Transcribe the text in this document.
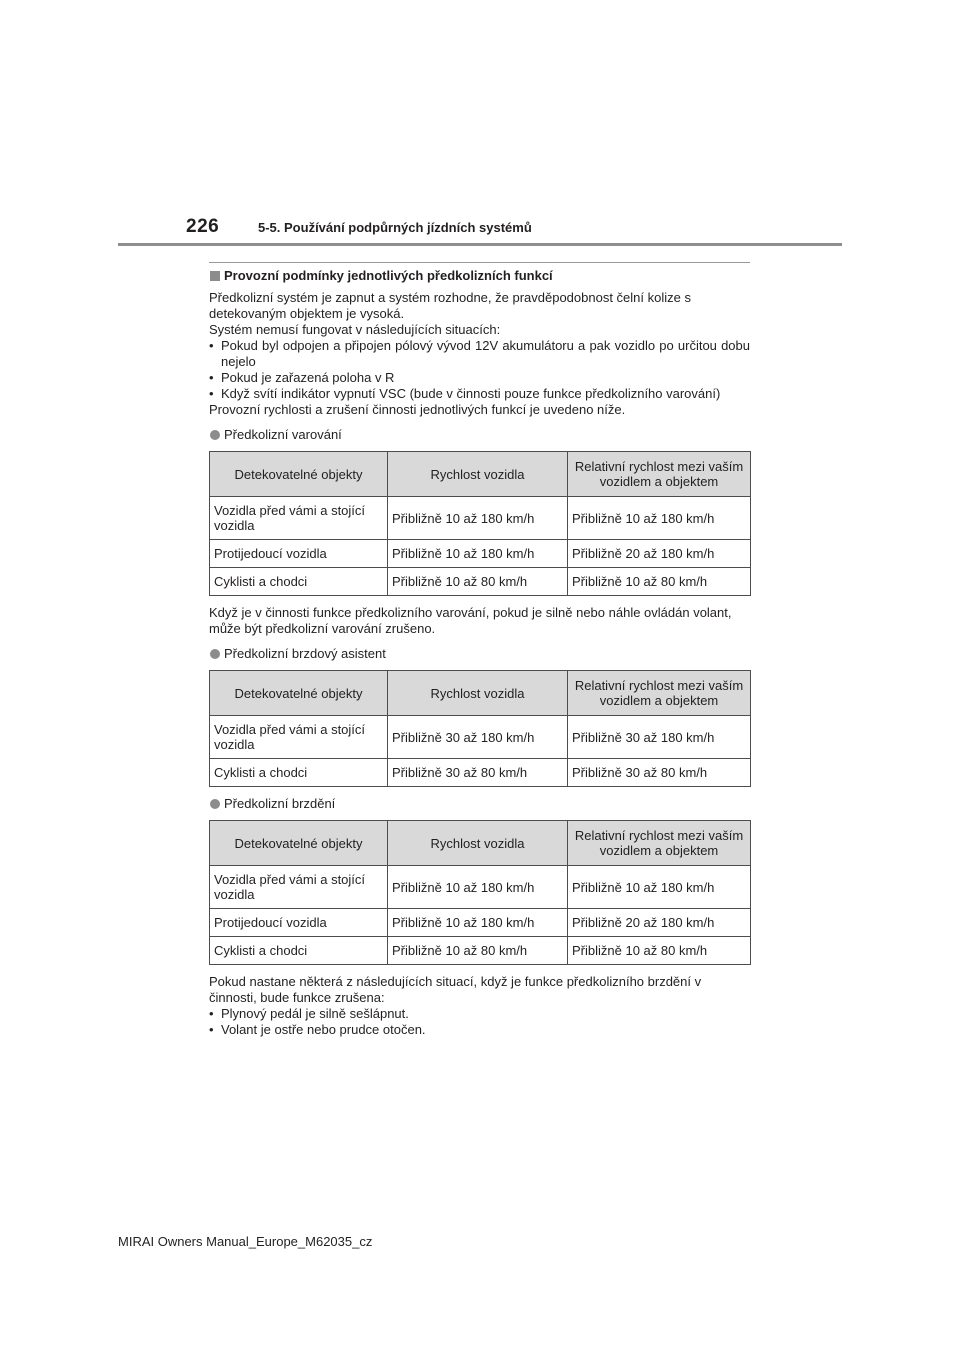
226	5-5. Používání podpůrných jízdních systémů
Provozní podmínky jednotlivých předkolizních funkcí

Předkolizní systém je zapnut a systém rozhodne, že pravděpodobnost čelní kolize s detekovaným objektem je vysoká.

Systém nemusí fungovat v následujících situacích:

• Pokud byl odpojen a připojen pólový vývod 12V akumulátoru a pak vozidlo po určitou dobu nejelo
• Pokud je zařazená poloha v R
• Když svítí indikátor vypnutí VSC (bude v činnosti pouze funkce předkolizního varování)

Provozní rychlosti a zrušení činnosti jednotlivých funkcí je uvedeno níže.

Předkolizní varování
Detekovatelné objekty	Rychlost vozidla	Relativní rychlost mezi vaším vozidlem a objektem
Vozidla před vámi a stojící vozidla	Přibližně 10 až 180 km/h	Přibližně 10 až 180 km/h
Protijedoucí vozidla	Přibližně 10 až 180 km/h	Přibližně 20 až 180 km/h
Cyklisti a chodci	Přibližně 10 až 80 km/h	Přibližně 10 až 80 km/h

Když je v činnosti funkce předkolizního varování, pokud je silně nebo náhle ovládán volant, může být předkolizní varování zrušeno.

Předkolizní brzdový asistent
Detekovatelné objekty	Rychlost vozidla	Relativní rychlost mezi vaším vozidlem a objektem
Vozidla před vámi a stojící vozidla	Přibližně 30 až 180 km/h	Přibližně 30 až 180 km/h
Cyklisti a chodci	Přibližně 30 až 80 km/h	Přibližně 30 až 80 km/h
Předkolizní brzdění
Detekovatelné objekty	Rychlost vozidla	Relativní rychlost mezi vaším vozidlem a objektem
Vozidla před vámi a stojící vozidla	Přibližně 10 až 180 km/h	Přibližně 10 až 180 km/h
Protijedoucí vozidla	Přibližně 10 až 180 km/h	Přibližně 20 až 180 km/h
Cyklisti a chodci	Přibližně 10 až 80 km/h	Přibližně 10 až 80 km/h

Pokud nastane některá z následujících situací, když je funkce předkolizního brzdění v činnosti, bude funkce zrušena:

• Plynový pedál je silně sešlápnut.
• Volant je ostře nebo prudce otočen.
MIRAI Owners Manual_Europe_M62035_cz
